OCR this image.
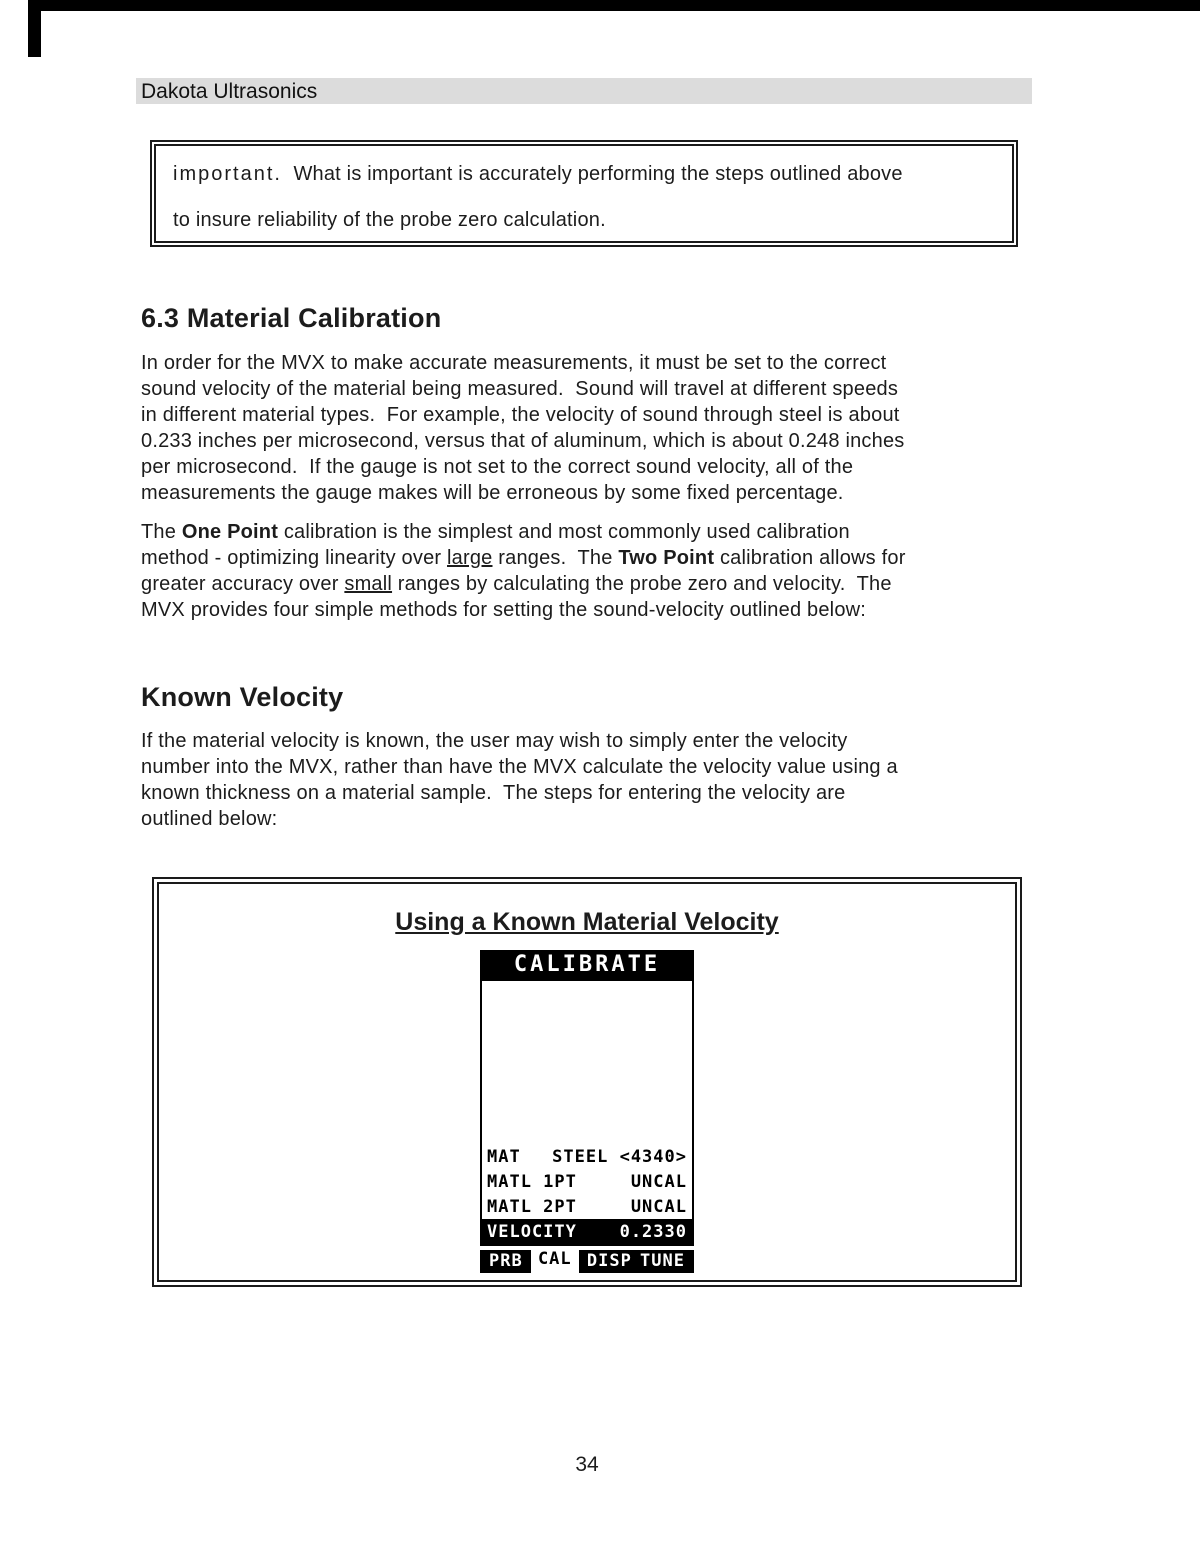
Dakota Ultrasonics
important.  What is important is accurately performing the steps outlined above
to insure reliability of the probe zero calculation.
6.3 Material Calibration
In order for the MVX to make accurate measurements, it must be set to the correct
sound velocity of the material being measured.  Sound will travel at different speeds
in different material types.  For example, the velocity of sound through steel is about
0.233 inches per microsecond, versus that of aluminum, which is about 0.248 inches
per microsecond.  If the gauge is not set to the correct sound velocity, all of the
measurements the gauge makes will be erroneous by some fixed percentage.
The One Point calibration is the simplest and most commonly used calibration
method - optimizing linearity over large ranges.  The Two Point calibration allows for
greater accuracy over small ranges by calculating the probe zero and velocity.  The
MVX provides four simple methods for setting the sound-velocity outlined below:
Known Velocity
If the material velocity is known, the user may wish to simply enter the velocity
number into the MVX, rather than have the MVX calculate the velocity value using a
known thickness on a material sample.  The steps for entering the velocity are
outlined below:
Using a Known Material Velocity
CALIBRATE
MAT STEEL <4340>
MATL 1PT	UNCAL
MATL 2PT	UNCAL
VELOCITY	0.2330
PRB CAL DISP TUNE
34
